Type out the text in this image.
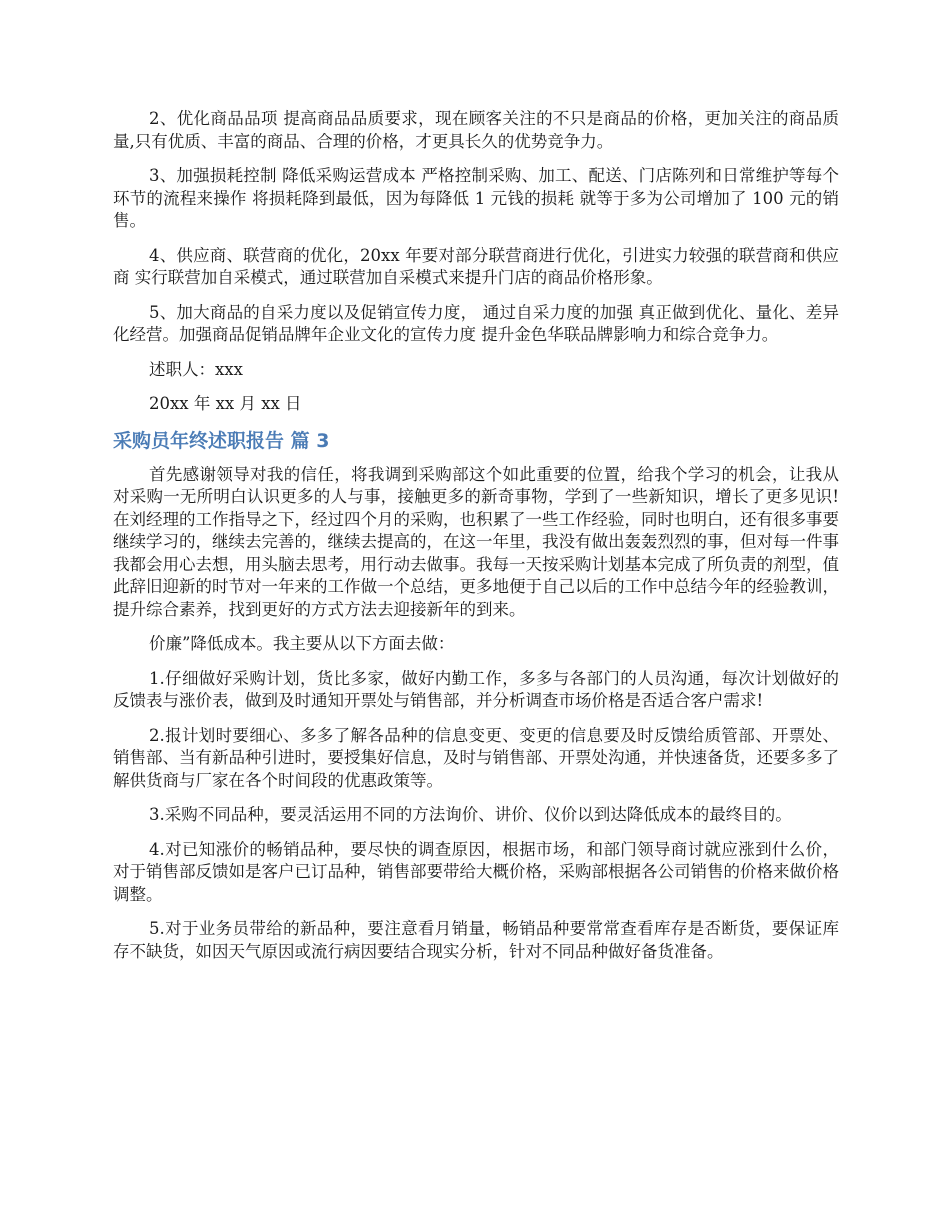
2、优化商品品项 提高商品品质要求，现在顾客关注的不只是商品的价格，更加关注的商品质量,只有优质、丰富的商品、合理的价格，才更具长久的优势竞争力。

3、加强损耗控制 降低采购运营成本 严格控制采购、加工、配送、门店陈列和日常维护等每个环节的流程来操作 将损耗降到最低，因为每降低 1 元钱的损耗 就等于多为公司增加了 100 元的销售。

4、供应商、联营商的优化，20xx 年要对部分联营商进行优化，引进实力较强的联营商和供应商 实行联营加自采模式，通过联营加自采模式来提升门店的商品价格形象。

5、加大商品的自采力度以及促销宣传力度， 通过自采力度的加强 真正做到优化、量化、差异化经营。加强商品促销品牌年企业文化的宣传力度 提升金色华联品牌影响力和综合竞争力。

述职人：xxx

20xx 年 xx 月 xx 日

采购员年终述职报告 篇 3

首先感谢领导对我的信任，将我调到采购部这个如此重要的位置，给我个学习的机会，让我从对采购一无所明白认识更多的人与事，接触更多的新奇事物，学到了一些新知识，增长了更多见识!在刘经理的工作指导之下，经过四个月的采购，也积累了一些工作经验，同时也明白，还有很多事要继续学习的，继续去完善的，继续去提高的，在这一年里，我没有做出轰轰烈烈的事，但对每一件事我都会用心去想，用头脑去思考，用行动去做事。我每一天按采购计划基本完成了所负责的剂型，值此辞旧迎新的时节对一年来的工作做一个总结，更多地便于自己以后的工作中总结今年的经验教训，提升综合素养，找到更好的方式方法去迎接新年的到来。

价廉”降低成本。我主要从以下方面去做：

1.仔细做好采购计划，货比多家，做好内勤工作，多多与各部门的人员沟通，每次计划做好的反馈表与涨价表，做到及时通知开票处与销售部，并分析调查市场价格是否适合客户需求!

2.报计划时要细心、多多了解各品种的信息变更、变更的信息要及时反馈给质管部、开票处、销售部、当有新品种引进时，要授集好信息，及时与销售部、开票处沟通，并快速备货，还要多多了解供货商与厂家在各个时间段的优惠政策等。

3.采购不同品种，要灵活运用不同的方法询价、讲价、仪价以到达降低成本的最终目的。

4.对已知涨价的畅销品种，要尽快的调查原因，根据市场，和部门领导商讨就应涨到什么价，对于销售部反馈如是客户已订品种，销售部要带给大概价格，采购部根据各公司销售的价格来做价格调整。

5.对于业务员带给的新品种，要注意看月销量，畅销品种要常常查看库存是否断货，要保证库存不缺货，如因天气原因或流行病因要结合现实分析，针对不同品种做好备货准备。
